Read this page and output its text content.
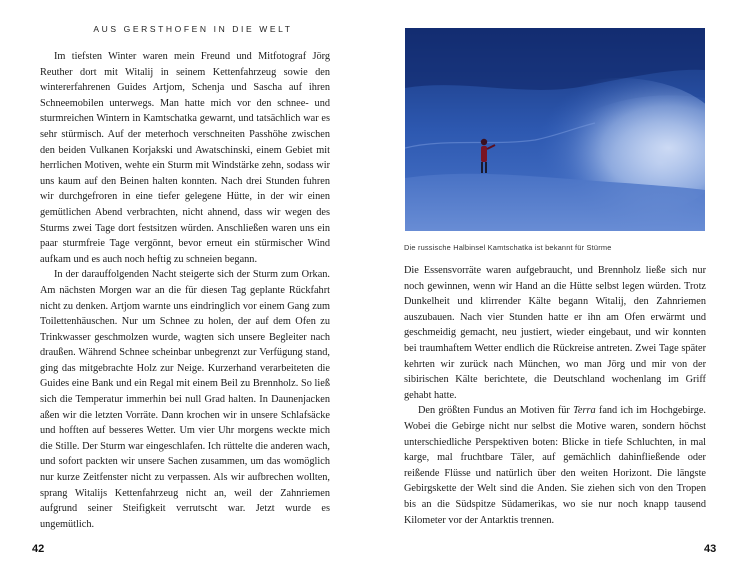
AUS GERSTHOFEN IN DIE WELT

Im tiefsten Winter waren mein Freund und Mitfotograf Jörg Reuther dort mit Witalij in seinem Kettenfahrzeug sowie den wintererfahrenen Guides Artjom, Schenja und Sascha auf ihren Schneemobilen unterwegs. Man hatte mich vor den schnee- und sturmreichen Wintern in Kamtschatka gewarnt, und tatsächlich war es sehr stürmisch. Auf der meterhoch verschneiten Passhöhe zwischen den beiden Vulkanen Korjakski und Awatschinski, einem Gebiet mit herrlichen Motiven, wehte ein Sturm mit Windstärke zehn, sodass wir uns kaum auf den Beinen halten konnten. Nach drei Stunden fuhren wir durchgefroren in eine tiefer gelegene Hütte, in der wir einen gemütlichen Abend verbrachten, nicht ahnend, dass wir wegen des Sturms zwei Tage dort festsitzen würden. Anschließen waren uns ein paar sturmfreie Tage vergönnt, bevor erneut ein stürmischer Wind aufkam und es auch noch heftig zu schneien begann.

In der darauffolgenden Nacht steigerte sich der Sturm zum Orkan. Am nächsten Morgen war an die für diesen Tag geplante Rückfahrt nicht zu denken. Artjom warnte uns eindringlich vor einem Gang zum Toilettenhäuschen. Nur um Schnee zu holen, der auf dem Ofen zu Trinkwasser geschmolzen wurde, wagten sich unsere Begleiter nach draußen. Während Schnee scheinbar unbegrenzt zur Verfügung stand, ging das mitgebrachte Holz zur Neige. Kurzerhand verarbeiteten die Guides eine Bank und ein Regal mit einem Beil zu Brennholz. So ließ sich die Temperatur immerhin bei null Grad halten. In Daunenjacken aßen wir die letzten Vorräte. Dann krochen wir in unsere Schlafsäcke und hofften auf besseres Wetter. Um vier Uhr morgens weckte mich die Stille. Der Sturm war eingeschlafen. Ich rüttelte die anderen wach, und sofort packten wir unsere Sachen zusammen, um das womöglich nur kurze Zeitfenster nicht zu verpassen. Als wir aufbrechen wollten, sprang Witalijs Kettenfahrzeug nicht an, weil der Zahnriemen aufgrund seiner Steifigkeit verrutscht war. Jetzt wurde es ungemütlich.

42
Die russische Halbinsel Kamtschatka ist bekannt für Stürme

Die Essensvorräte waren aufgebraucht, und Brennholz ließe sich nur noch gewinnen, wenn wir Hand an die Hütte selbst legen würden. Trotz Dunkelheit und klirrender Kälte begann Witalij, den Zahnriemen auszubauen. Nach vier Stunden hatte er ihn am Ofen erwärmt und geschmeidig gemacht, neu justiert, wieder eingebaut, und wir konnten bei traumhaftem Wetter endlich die Rückreise antreten. Zwei Tage später kehrten wir zurück nach München, wo man Jörg und mir von der sibirischen Kälte berichtete, die Deutschland wochenlang im Griff gehabt hatte.

Den größten Fundus an Motiven für Terra fand ich im Hochgebirge. Wobei die Gebirge nicht nur selbst die Motive waren, sondern höchst unterschiedliche Perspektiven boten: Blicke in tiefe Schluchten, in mal karge, mal fruchtbare Täler, auf gemächlich dahinfließende oder reißende Flüsse und natürlich über den weiten Horizont. Die längste Gebirgskette der Welt sind die Anden. Sie ziehen sich von den Tropen bis an die Südspitze Südamerikas, wo sie nur noch knapp tausend Kilometer vor der Antarktis trennen.

43
